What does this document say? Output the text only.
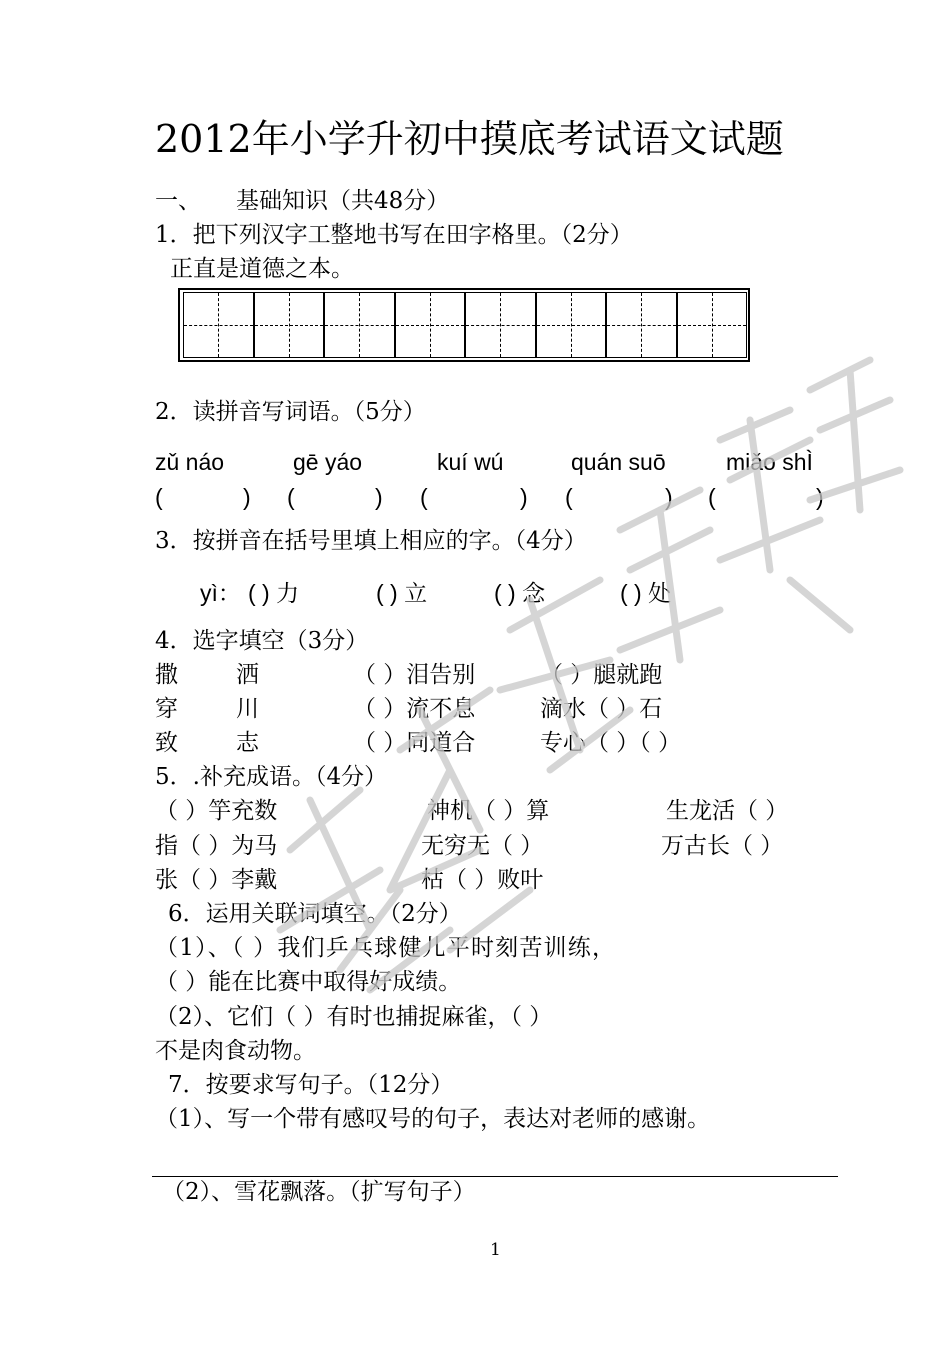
2012年小学升初中摸底考试语文试题
一、 基础知识（共48分）
1．把下列汉字工整地书写在田字格里。（2分）
正直是道德之本。
2．读拼音写词语。（5分）
zǔ náo	gē yáo	kuí wú	quán suō	miǎo shÌ
(	) (	) (	) (	) (	)
3．按拼音在括号里填上相应的字。（4分）
yì： ( ) 力	( ) 立	( ) 念	( ) 处
4．选字填空（3分）
撒	洒	（ ）泪告别	（ ）腿就跑
穿	川	（ ）流不息	滴水（ ）石
致	志	（ ）同道合	专心（ ）（ ）
5．.补充成语。（4分）
（ ）竽充数	神机（ ）算	生龙活（ ）
指（ ）为马	无穷无（ ）	万古长（ ）
张（ ）李戴	枯（ ）败叶
6．运用关联词填空。（2分）
（1）、（ ）我们乒乓球健儿平时刻苦训练，
（ ）能在比赛中取得好成绩。
（2）、它们（ ）有时也捕捉麻雀，（ ）
不是肉食动物。
7．按要求写句子。（12分）
（1）、写一个带有感叹号的句子，表达对老师的感谢。
（2）、雪花飘落。（扩写句子）
1
